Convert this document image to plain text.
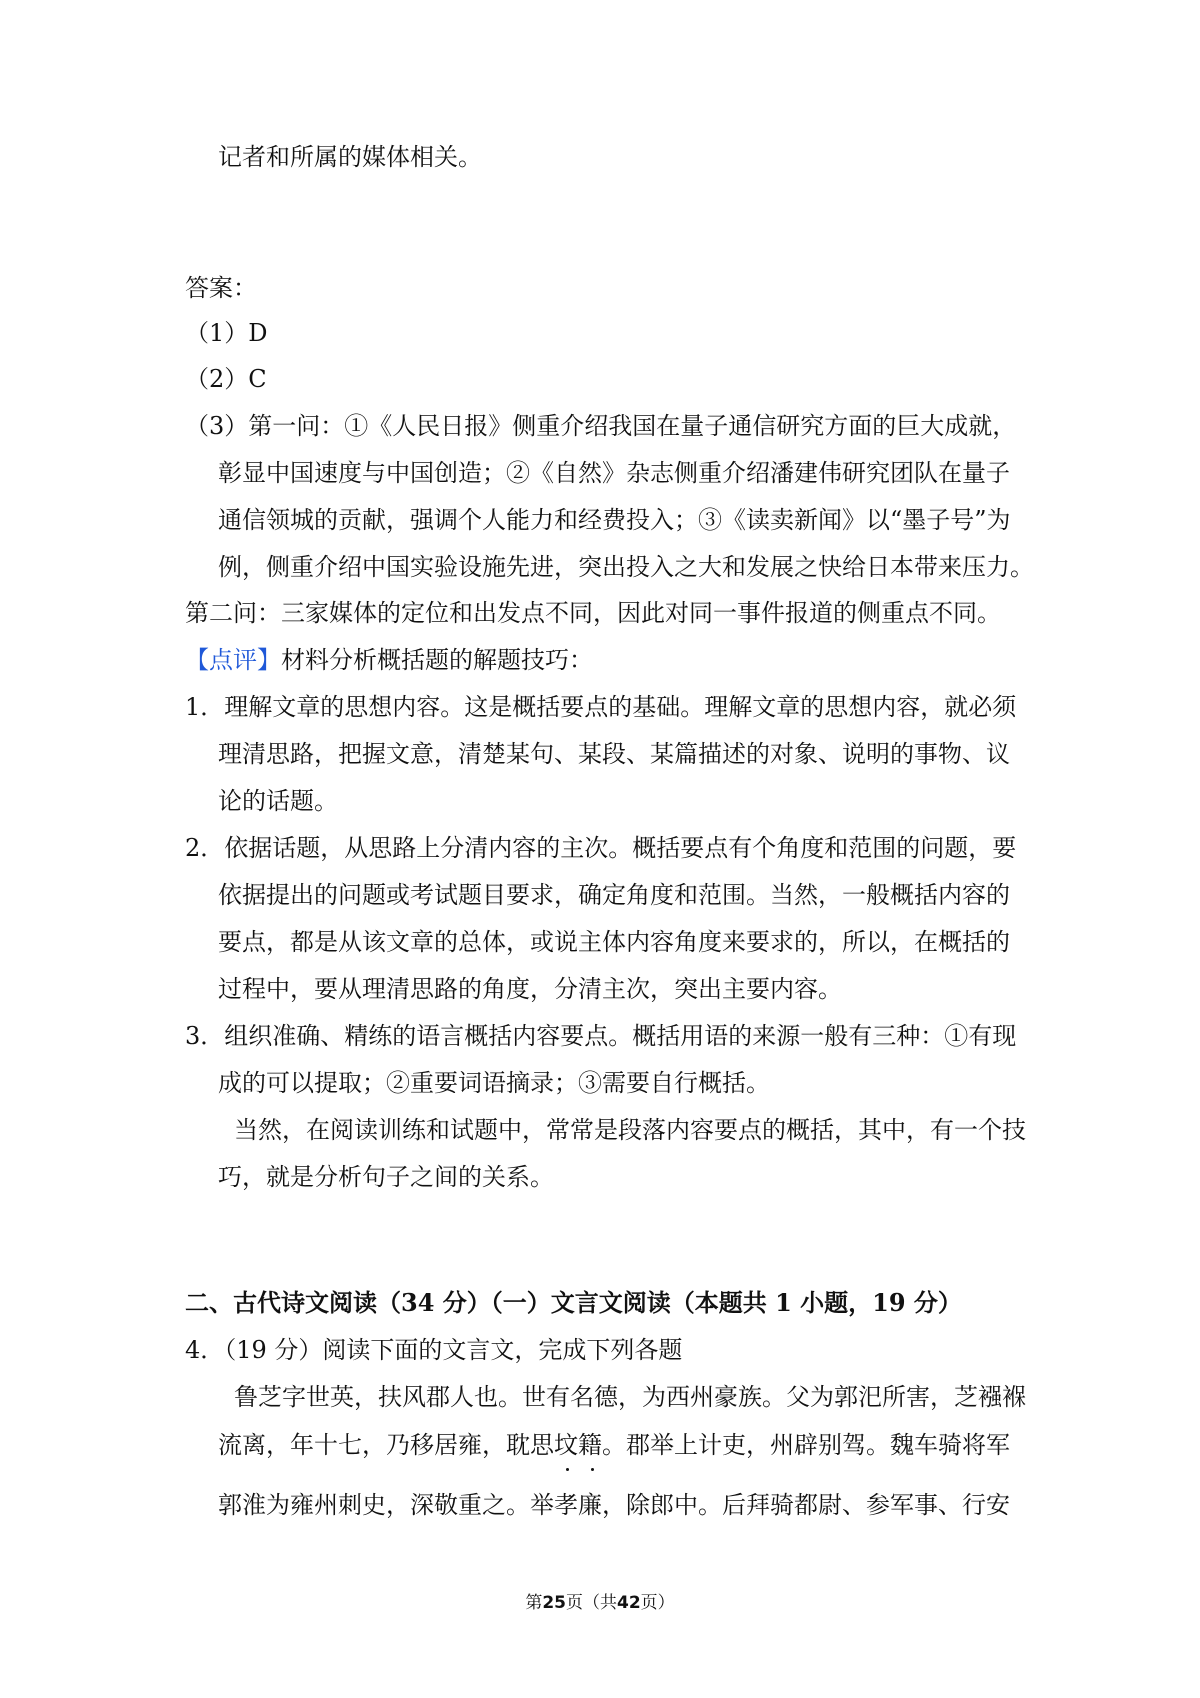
记者和所属的媒体相关。

答案：

（1）D

（2）C

（3）第一问：①《人民日报》侧重介绍我国在量子通信研究方面的巨大成就，

彰显中国速度与中国创造；②《自然》杂志侧重介绍潘建伟研究团队在量子

通信领城的贡献，强调个人能力和经费投入；③《读卖新闻》以“墨子号”为

例，侧重介绍中国实验设施先进，突出投入之大和发展之快给日本带来压力。

第二问：三家媒体的定位和出发点不同，因此对同一事件报道的侧重点不同。

【点评】材料分析概括题的解题技巧：

1．理解文章的思想内容。这是概括要点的基础。理解文章的思想内容，就必须

理清思路，把握文意，清楚某句、某段、某篇描述的对象、说明的事物、议

论的话题。

2．依据话题，从思路上分清内容的主次。概括要点有个角度和范围的问题，要

依据提出的问题或考试题目要求，确定角度和范围。当然，一般概括内容的

要点，都是从该文章的总体，或说主体内容角度来要求的，所以，在概括的

过程中，要从理清思路的角度，分清主次，突出主要内容。

3．组织准确、精练的语言概括内容要点。概括用语的来源一般有三种：①有现

成的可以提取；②重要词语摘录；③需要自行概括。

当然，在阅读训练和试题中，常常是段落内容要点的概括，其中，有一个技

巧，就是分析句子之间的关系。

二、古代诗文阅读（34 分）（一）文言文阅读（本题共 1 小题，19 分）

4．（19 分）阅读下面的文言文，完成下列各题

鲁芝字世英，扶风郡人也。世有名德，为西州豪族。父为郭汜所害，芝襁褓

流离，年十七，乃移居雍，耽思坟籍。郡举上计吏，州辟别驾。魏车骑将军

郭淮为雍州刺史，深敬重之。举孝廉，除郎中。后拜骑都尉、参军事、行安

第25页（共42页）
